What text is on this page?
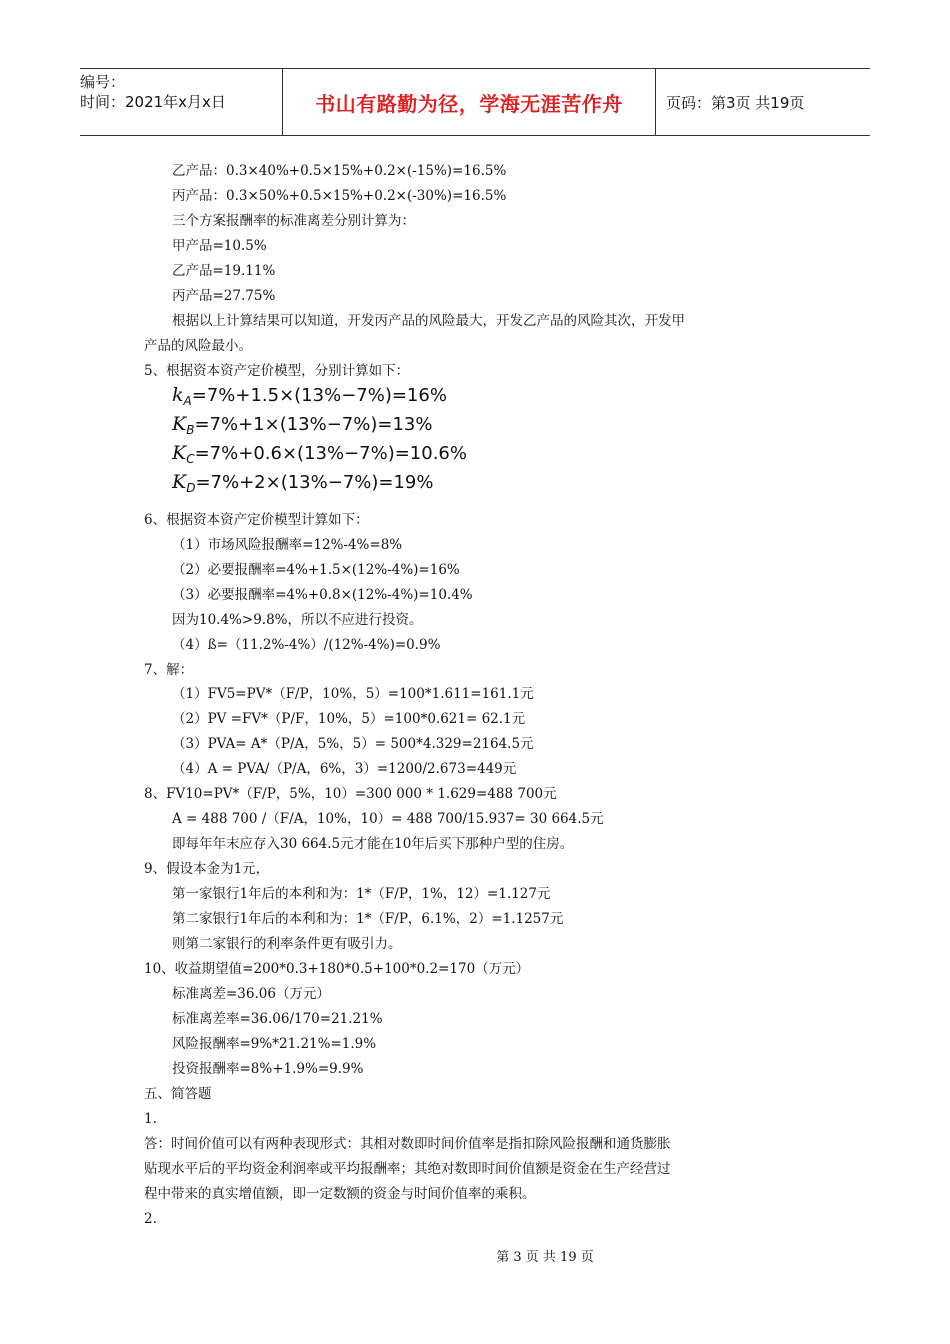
编号：
时间：2021年x月x日	书山有路勤为径，学海无涯苦作舟	页码：第3页 共19页
乙产品：0.3×40%+0.5×15%+0.2×(-15%)=16.5%
丙产品：0.3×50%+0.5×15%+0.2×(-30%)=16.5%
三个方案报酬率的标准离差分别计算为：
甲产品=10.5%
乙产品=19.11%
丙产品=27.75%
根据以上计算结果可以知道，开发丙产品的风险最大，开发乙产品的风险其次，开发甲
产品的风险最小。
5、根据资本资产定价模型，分别计算如下：
$k_A=7\%+1.5\times(13\%-7\%)=16\%$
$K_B=7\%+1\times(13\%-7\%)=13\%$
$K_C=7\%+0.6\times(13\%-7\%)=10.6\%$
$K_D=7\%+2\times(13\%-7\%)=19\%$
6、根据资本资产定价模型计算如下：
（1）市场风险报酬率=12%-4%=8%
（2）必要报酬率=4%+1.5×(12%-4%)=16%
（3）必要报酬率=4%+0.8×(12%-4%)=10.4%
因为10.4%>9.8%，所以不应进行投资。
（4）ß=（11.2%-4%）/(12%-4%)=0.9%
7、解：
（1）FV5=PV*（F/P，10%，5）=100*1.611=161.1元
（2）PV =FV*（P/F，10%，5）=100*0.621= 62.1元
（3）PVA= A*（P/A，5%，5）= 500*4.329=2164.5元
（4）A = PVA/（P/A，6%，3）=1200/2.673=449元
8、FV10=PV*（F/P，5%，10）=300 000 * 1.629=488 700元
A = 488 700 /（F/A，10%，10）= 488 700/15.937= 30 664.5元
即每年年末应存入30 664.5元才能在10年后买下那种户型的住房。
9、假设本金为1元，
第一家银行1年后的本利和为：1*（F/P，1%，12）=1.127元
第二家银行1年后的本利和为：1*（F/P，6.1%，2）=1.1257元
则第二家银行的利率条件更有吸引力。
10、收益期望值=200*0.3+180*0.5+100*0.2=170（万元）
标准离差=36.06（万元）
标准离差率=36.06/170=21.21%
风险报酬率=9%*21.21%=1.9%
投资报酬率=8%+1.9%=9.9%
五、简答题
1.
答：时间价值可以有两种表现形式：其相对数即时间价值率是指扣除风险报酬和通货膨胀
贴现水平后的平均资金利润率或平均报酬率；其绝对数即时间价值额是资金在生产经营过
程中带来的真实增值额，即一定数额的资金与时间价值率的乘积。
2.
第 3 页 共 19 页
